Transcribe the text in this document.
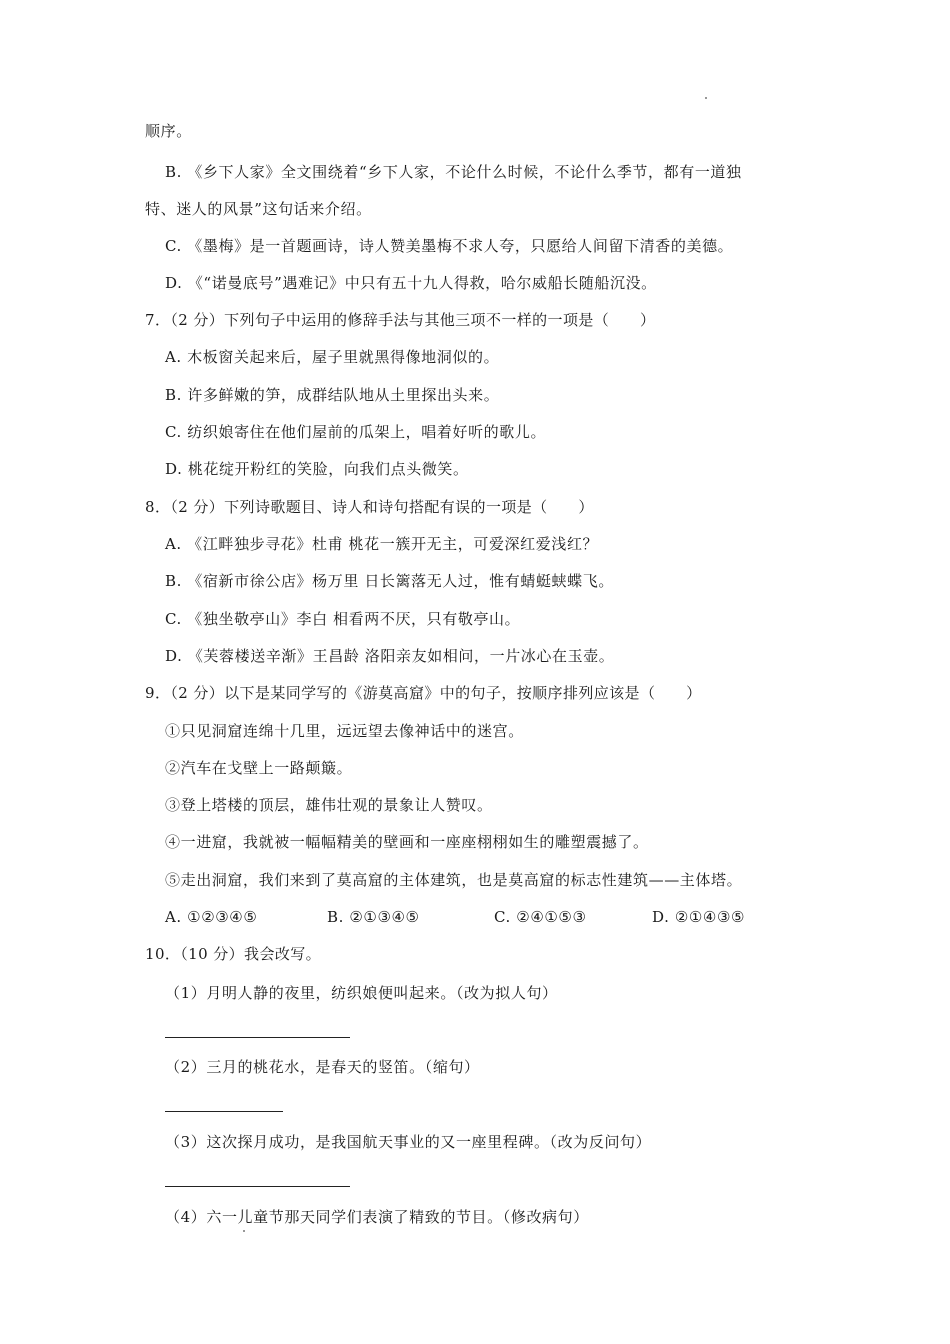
顺序。
B. 《乡下人家》全文围绕着“乡下人家，不论什么时候，不论什么季节，都有一道独
特、迷人的风景”这句话来介绍。
C. 《墨梅》是一首题画诗，诗人赞美墨梅不求人夸，只愿给人间留下清香的美德。
D. 《“诺曼底号”遇难记》中只有五十九人得救，哈尔威船长随船沉没。
7．（2 分）下列句子中运用的修辞手法与其他三项不一样的一项是（　　）
A. 木板窗关起来后，屋子里就黑得像地洞似的。
B. 许多鲜嫩的笋，成群结队地从土里探出头来。
C. 纺织娘寄住在他们屋前的瓜架上，唱着好听的歌儿。
D. 桃花绽开粉红的笑脸，向我们点头微笑。
8．（2 分）下列诗歌题目、诗人和诗句搭配有误的一项是（　　）
A. 《江畔独步寻花》杜甫 桃花一簇开无主，可爱深红爱浅红？
B. 《宿新市徐公店》杨万里 日长篱落无人过，惟有蜻蜓蛱蝶飞。
C. 《独坐敬亭山》李白 相看两不厌，只有敬亭山。
D. 《芙蓉楼送辛渐》王昌龄 洛阳亲友如相问，一片冰心在玉壶。
9．（2 分）以下是某同学写的《游莫高窟》中的句子，按顺序排列应该是（　　）
①只见洞窟连绵十几里，远远望去像神话中的迷宫。
②汽车在戈壁上一路颠簸。
③登上塔楼的顶层，雄伟壮观的景象让人赞叹。
④一进窟，我就被一幅幅精美的壁画和一座座栩栩如生的雕塑震撼了。
⑤走出洞窟，我们来到了莫高窟的主体建筑，也是莫高窟的标志性建筑——主体塔。
A. ①②③④⑤	B. ②①③④⑤	C. ②④①⑤③	D. ②①④③⑤
10．（10 分）我会改写。
（1）月明人静的夜里，纺织娘便叫起来。（改为拟人句）
（2）三月的桃花水，是春天的竖笛。（缩句）
（3）这次探月成功，是我国航天事业的又一座里程碑。（改为反问句）
（4）六一儿童节那天同学们表演了精致的节目。（修改病句）
